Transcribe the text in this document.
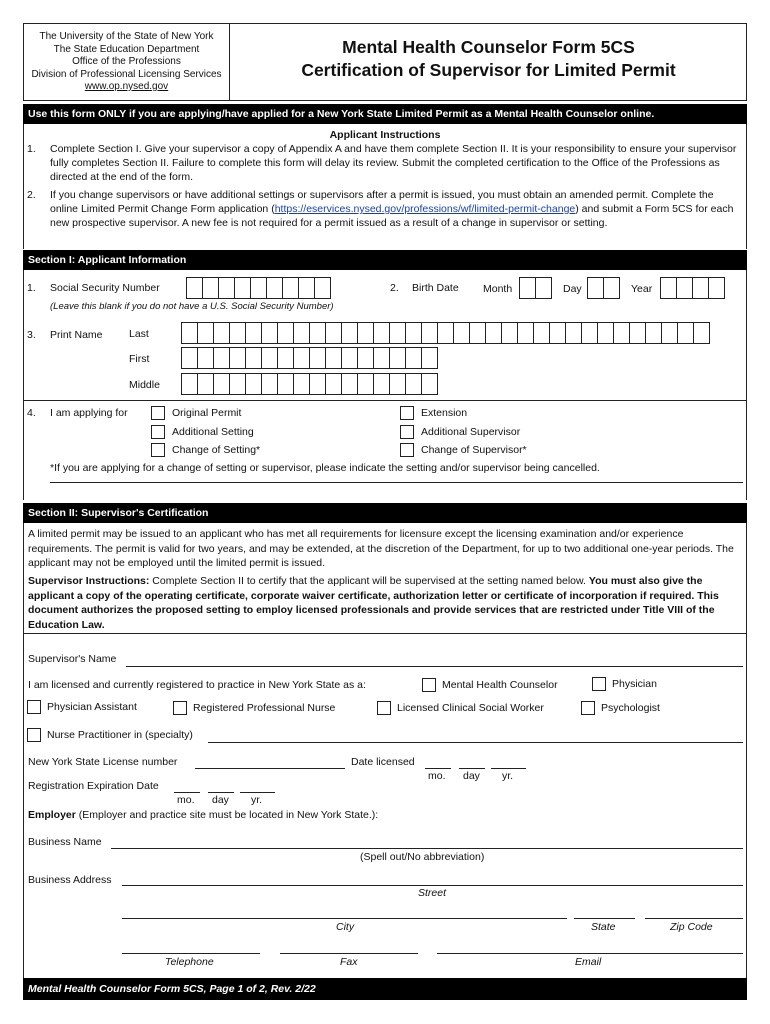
The University of the State of New York
The State Education Department
Office of the Professions
Division of Professional Licensing Services
www.op.nysed.gov
Mental Health Counselor Form 5CS
Certification of Supervisor for Limited Permit
Use this form ONLY if you are applying/have applied for a New York State Limited Permit as a Mental Health Counselor online.
Applicant Instructions
1. Complete Section I. Give your supervisor a copy of Appendix A and have them complete Section II. It is your responsibility to ensure your supervisor fully completes Section II. Failure to complete this form will delay its review. Submit the completed certification to the Office of the Professions as directed at the end of the form.
2. If you change supervisors or have additional settings or supervisors after a permit is issued, you must obtain an amended permit. Complete the online Limited Permit Change Form application (https://eservices.nysed.gov/professions/wf/limited-permit-change) and submit a Form 5CS for each new prospective supervisor. A new fee is not required for a permit issued as a result of a change in supervisor or setting.
Section I: Applicant Information
1. Social Security Number
(Leave this blank if you do not have a U.S. Social Security Number)
2. Birth Date Month	Day	Year
3. Print Name	Last
First
Middle
4. I am applying for	Original Permit
Additional Setting
Change of Setting*
Extension
Additional Supervisor
Change of Supervisor*
*If you are applying for a change of setting or supervisor, please indicate the setting and/or supervisor being cancelled.
Section II: Supervisor's Certification
A limited permit may be issued to an applicant who has met all requirements for licensure except the licensing examination and/or experience requirements. The permit is valid for two years, and may be extended, at the discretion of the Department, for up to two additional one-year periods. The applicant may not be employed until the limited permit is issued.
Supervisor Instructions: Complete Section II to certify that the applicant will be supervised at the setting named below. You must also give the applicant a copy of the operating certificate, corporate waiver certificate, authorization letter or certificate of incorporation if required. This document authorizes the proposed setting to employ licensed professionals and provide services that are restricted under Title VIII of the Education Law.
Supervisor's Name
I am licensed and currently registered to practice in New York State as a:	Mental Health Counselor	Physician
Physician Assistant	Registered Professional Nurse	Licensed Clinical Social Worker	Psychologist
Nurse Practitioner in (specialty)
New York State License number	Date licensed
mo. day yr.
Registration Expiration Date
mo. day yr.
Employer (Employer and practice site must be located in New York State.):
Business Name
(Spell out/No abbreviation)
Business Address
Street
City	State	Zip Code
Telephone	Fax	Email
Mental Health Counselor Form 5CS, Page 1 of 2, Rev. 2/22
